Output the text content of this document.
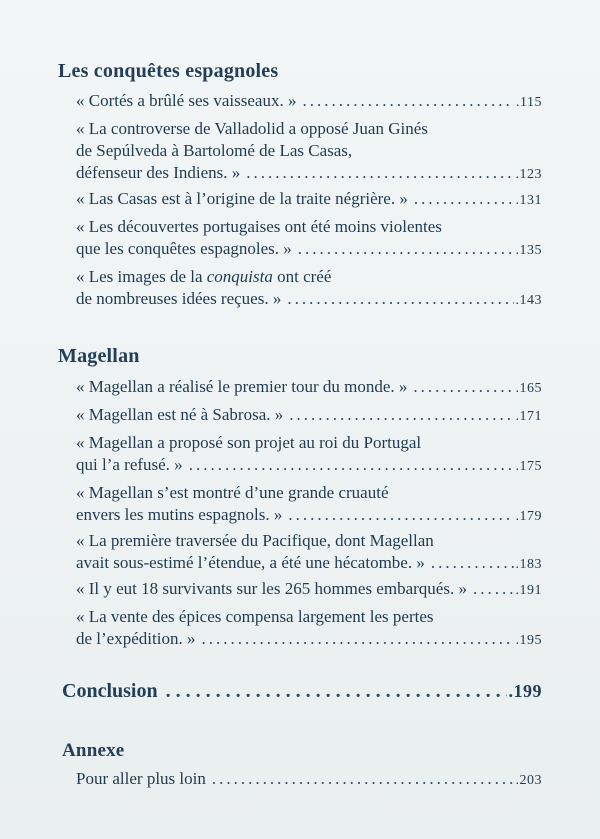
Les conquêtes espagnoles
« Cortés a brûlé ses vaisseaux. » .....	.115
« La controverse de Valladolid a opposé Juan Ginés
de Sepúlveda à Bartolomé de Las Casas,
défenseur des Indiens. » .....	.123
« Las Casas est à l’origine de la traite négrière. » .....	.131
« Les découvertes portugaises ont été moins violentes
que les conquêtes espagnoles. » .....	.135
« Les images de la conquista ont créé
de nombreuses idées reçues. » .....	.143
Magellan
« Magellan a réalisé le premier tour du monde. » .....	.165
« Magellan est né à Sabrosa. » .....	.171
« Magellan a proposé son projet au roi du Portugal
qui l’a refusé. » .....	.175
« Magellan s’est montré d’une grande cruauté
envers les mutins espagnols. » .....	.179
« La première traversée du Pacifique, dont Magellan
avait sous-estimé l’étendue, a été une hécatombe. » .....	.183
« Il y eut 18 survivants sur les 265 hommes embarqués. » .....	.191
« La vente des épices compensa largement les pertes
de l’expédition. » .....	.195
Conclusion .....	.199
Annexe
Pour aller plus loin .....	.203
